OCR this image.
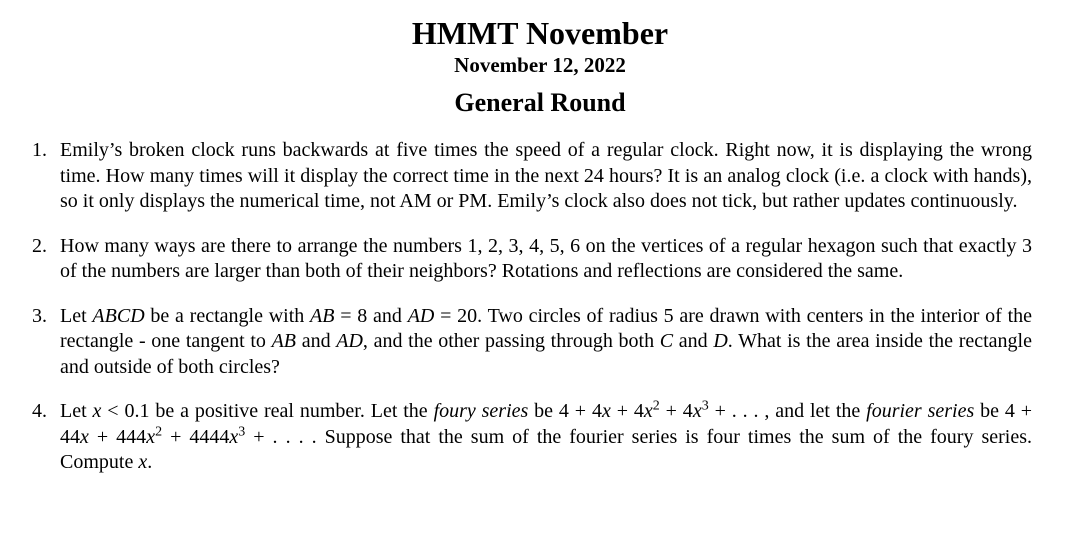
HMMT November
November 12, 2022
General Round
1. Emily’s broken clock runs backwards at five times the speed of a regular clock. Right now, it is displaying the wrong time. How many times will it display the correct time in the next 24 hours? It is an analog clock (i.e. a clock with hands), so it only displays the numerical time, not AM or PM. Emily’s clock also does not tick, but rather updates continuously.
2. How many ways are there to arrange the numbers 1, 2, 3, 4, 5, 6 on the vertices of a regular hexagon such that exactly 3 of the numbers are larger than both of their neighbors? Rotations and reflections are considered the same.
3. Let ABCD be a rectangle with AB = 8 and AD = 20. Two circles of radius 5 are drawn with centers in the interior of the rectangle - one tangent to AB and AD, and the other passing through both C and D. What is the area inside the rectangle and outside of both circles?
4. Let x < 0.1 be a positive real number. Let the foury series be $4 + 4x + 4x^2 + 4x^3$ + . . . , and let the fourier series be $4 + 44x + 444x^2 + 4444x^3$ + . . . . Suppose that the sum of the fourier series is four times the sum of the foury series. Compute x.
